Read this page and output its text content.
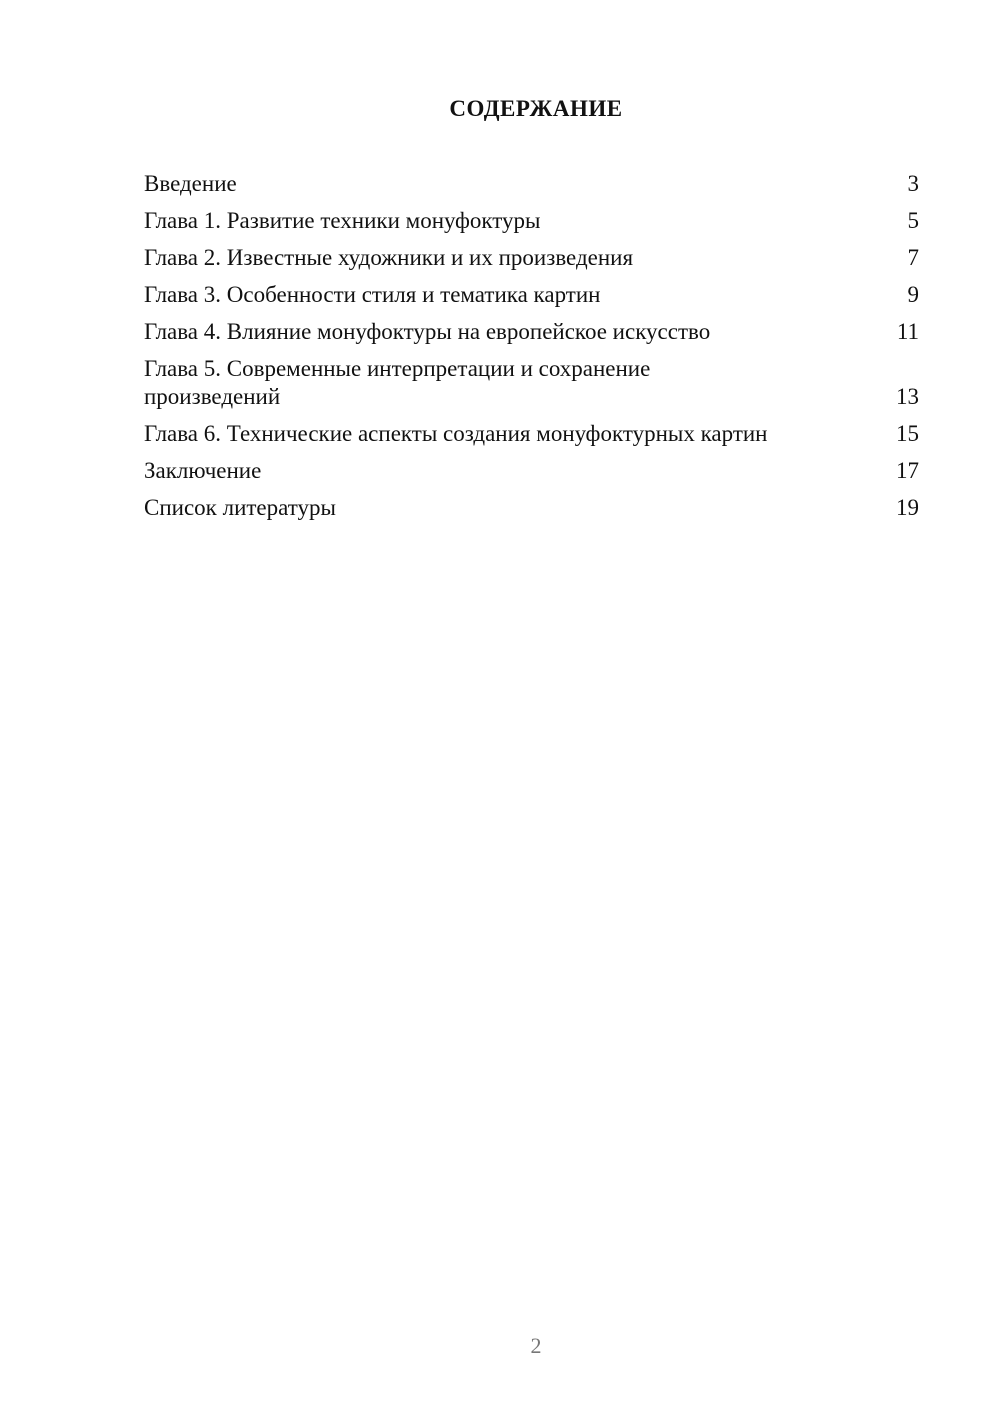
СОДЕРЖАНИЕ
Введение	3
Глава 1. Развитие техники монуфоктуры	5
Глава 2. Известные художники и их произведения	7
Глава 3. Особенности стиля и тематика картин	9
Глава 4. Влияние монуфоктуры на европейское искусство	11
Глава 5. Современные интерпретации и сохранение произведений	13
Глава 6. Технические аспекты создания монуфоктурных картин	15
Заключение	17
Список литературы	19
2
